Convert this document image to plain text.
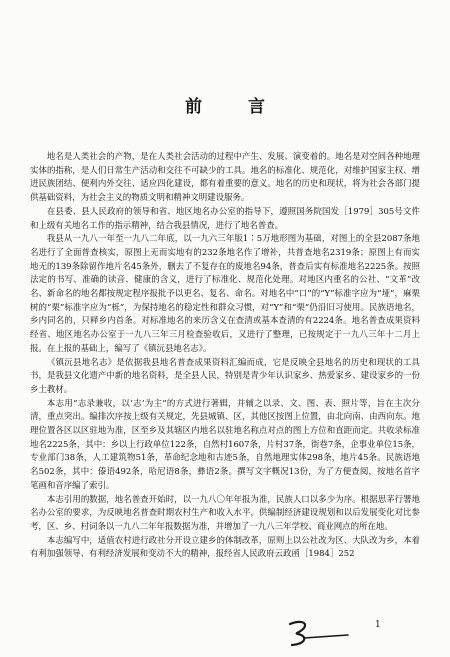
前 言

地名是人类社会的产物，是在人类社会活动的过程中产生、发展、演变着的。地名是对空间各种地理实体的指称，是人们日常生产活动和交往不可缺少的工具。地名的标准化、规范化，对维护国家主权、增进民族团结、便利内外交往、适应四化建设，都有着重要的意义。地名的历史和现状，将为社会各部门提供基础资料，为社会主义的物质文明和精神文明建设服务。

在县委、县人民政府的领导和省、地区地名办公室的指导下，遵照国务院国发［1979］305号文件和上级有关地名工作的指示精神，结合我县情况，进行了地名普查。

我县从一九八一年至一九八二年底，以一九六三年版1∶5万地形图为基础，对图上的全县2087条地名进行了全面普查核实，原图上无而实地有的232条地名作了增补，共普查地名2319条；原图上有而实地无的139条除留作地片名45条外，删去了不复存在的废地名94条，普查后实有标准地名2225条。按照法定的书写、准确的读音、健康的含义，进行了标准化、规范化处理。对地区内重名的公社、“文革”改名、新命名的地名都按规定程序报批予以更名、复名、命名。对地名中“口”的“Y”标准字应为“垭”，麻栗树的“栗”标准字应为“栎”，为保持地名的稳定性和群众习惯，对“Y”和“栗”仍沿旧习使用。民族语地名，乡内同名的，只释乡内首条。对标准地名的来历含义在查清或基本查清的有2224条。地名普查成果资料经省、地区地名办公室于一九八三年三月检查验收后，又进行了整理，已按规定于一九八三年十二月上报。在上报的基础上，编写了《镇沅县地名志》。

《镇沅县地名志》是依据我县地名普查成果资料汇编而成，它是反映全县地名的历史和现状的工具书，是我县文化遗产中新的地名资料，是全县人民，特别是青少年认识家乡、热爱家乡、建设家乡的一份乡土教材。

本志用“志录兼收，以‘志’为主”的方式进行著辑，并辅之以录、文、图、表、照片等，旨在主次分清，重点突出。编排次序按上级有关规定，先县城镇、区，其他区按图上位置，由北向南、由西向东。地理位置各区以区驻地为准，区至乡及其辖区内地名以驻地名称点对点的图上方位和直距而定。共收录标准地名2225条，其中：乡以上行政单位122条，自然村1607条，片村37条，街巷7条，企事业单位15条，专业部门38条，人工建筑物51条，革命纪念地和古迹5条，自然地理实体298条，地片45条。民族语地名502条，其中：傣语492条，哈尼语8条，彝语2条。撰写文字概况13份，为了方便查阅，按地名首字笔画和音序编了索引。

本志引用的数据，地名普查开始时，以一九八〇年年报为准，民族人口以多少为序。根据思茅行署地名办公室的要求，为反映地名普查时期农村生产和收入水平，供编制经济建设规划和以后发展变化对比参考，区、乡、村词条以一九八二年年报数据为准，并增加了一九八三年学校、商业网点的所在地。

本志编写中，适值农村进行政社分开设立建乡的体制改革，原则上以公社改为区、大队改为乡，本着有利加强领导、有利经济发展和变动不大的精神，报经省人民政府云政函［1984］252

1
